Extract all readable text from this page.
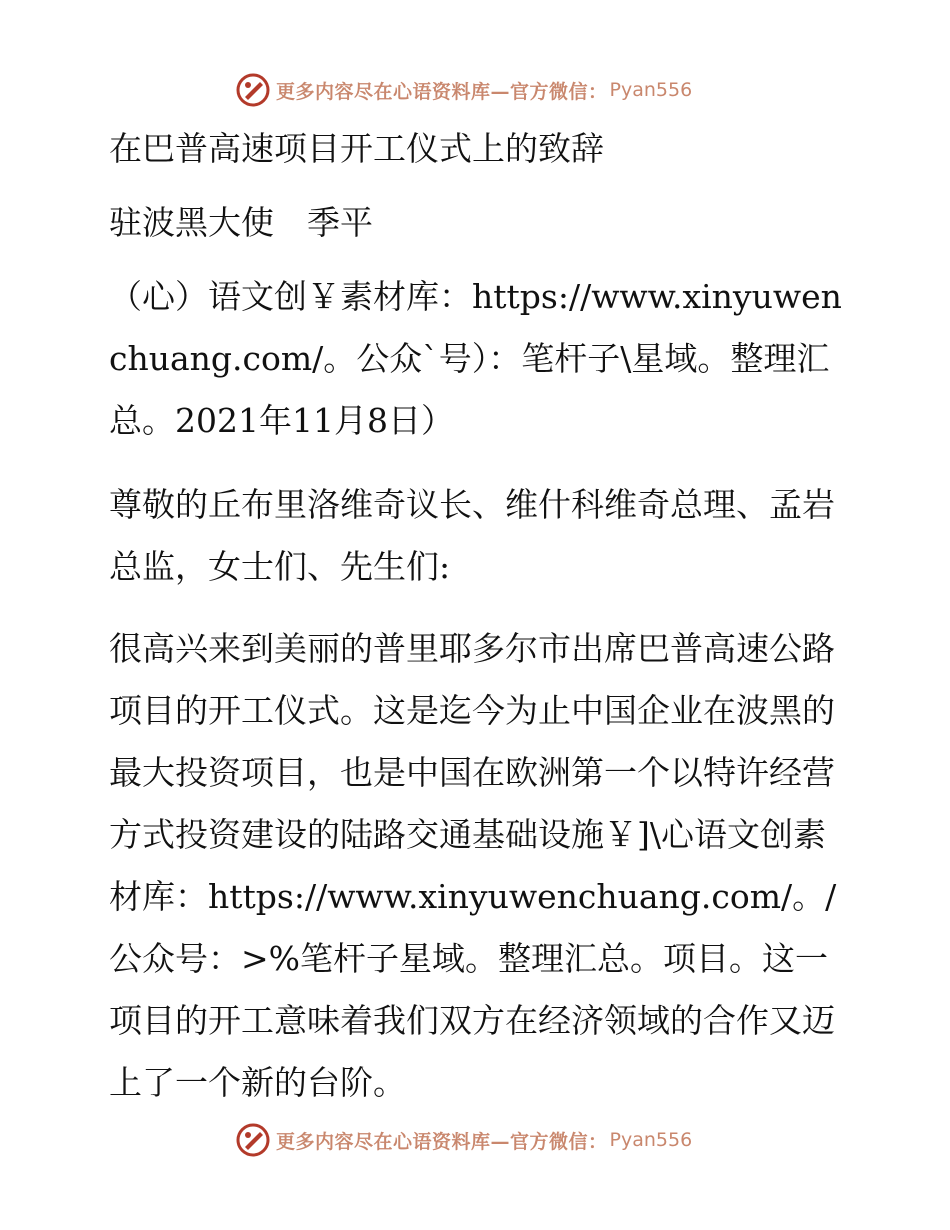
更多内容尽在心语资料库—官方微信： Pyan556

在巴普高速项目开工仪式上的致辞

驻波黑大使　季平

（心）语文创￥素材库：https://www.xinyuwenchuang.com/。公众`号）：笔杆子\星域。整理汇总。2021年11月8日）

尊敬的丘布里洛维奇议长、维什科维奇总理、孟岩总监，女士们、先生们:

很高兴来到美丽的普里耶多尔市出席巴普高速公路项目的开工仪式。这是迄今为止中国企业在波黑的最大投资项目，也是中国在欧洲第一个以特许经营方式投资建设的陆路交通基础设施￥]\心语文创素材库：https://www.xinyuwenchuang.com/。/公众号：>%笔杆子星域。整理汇总。项目。这一项目的开工意味着我们双方在经济领域的合作又迈上了一个新的台阶。

更多内容尽在心语资料库—官方微信： Pyan556
